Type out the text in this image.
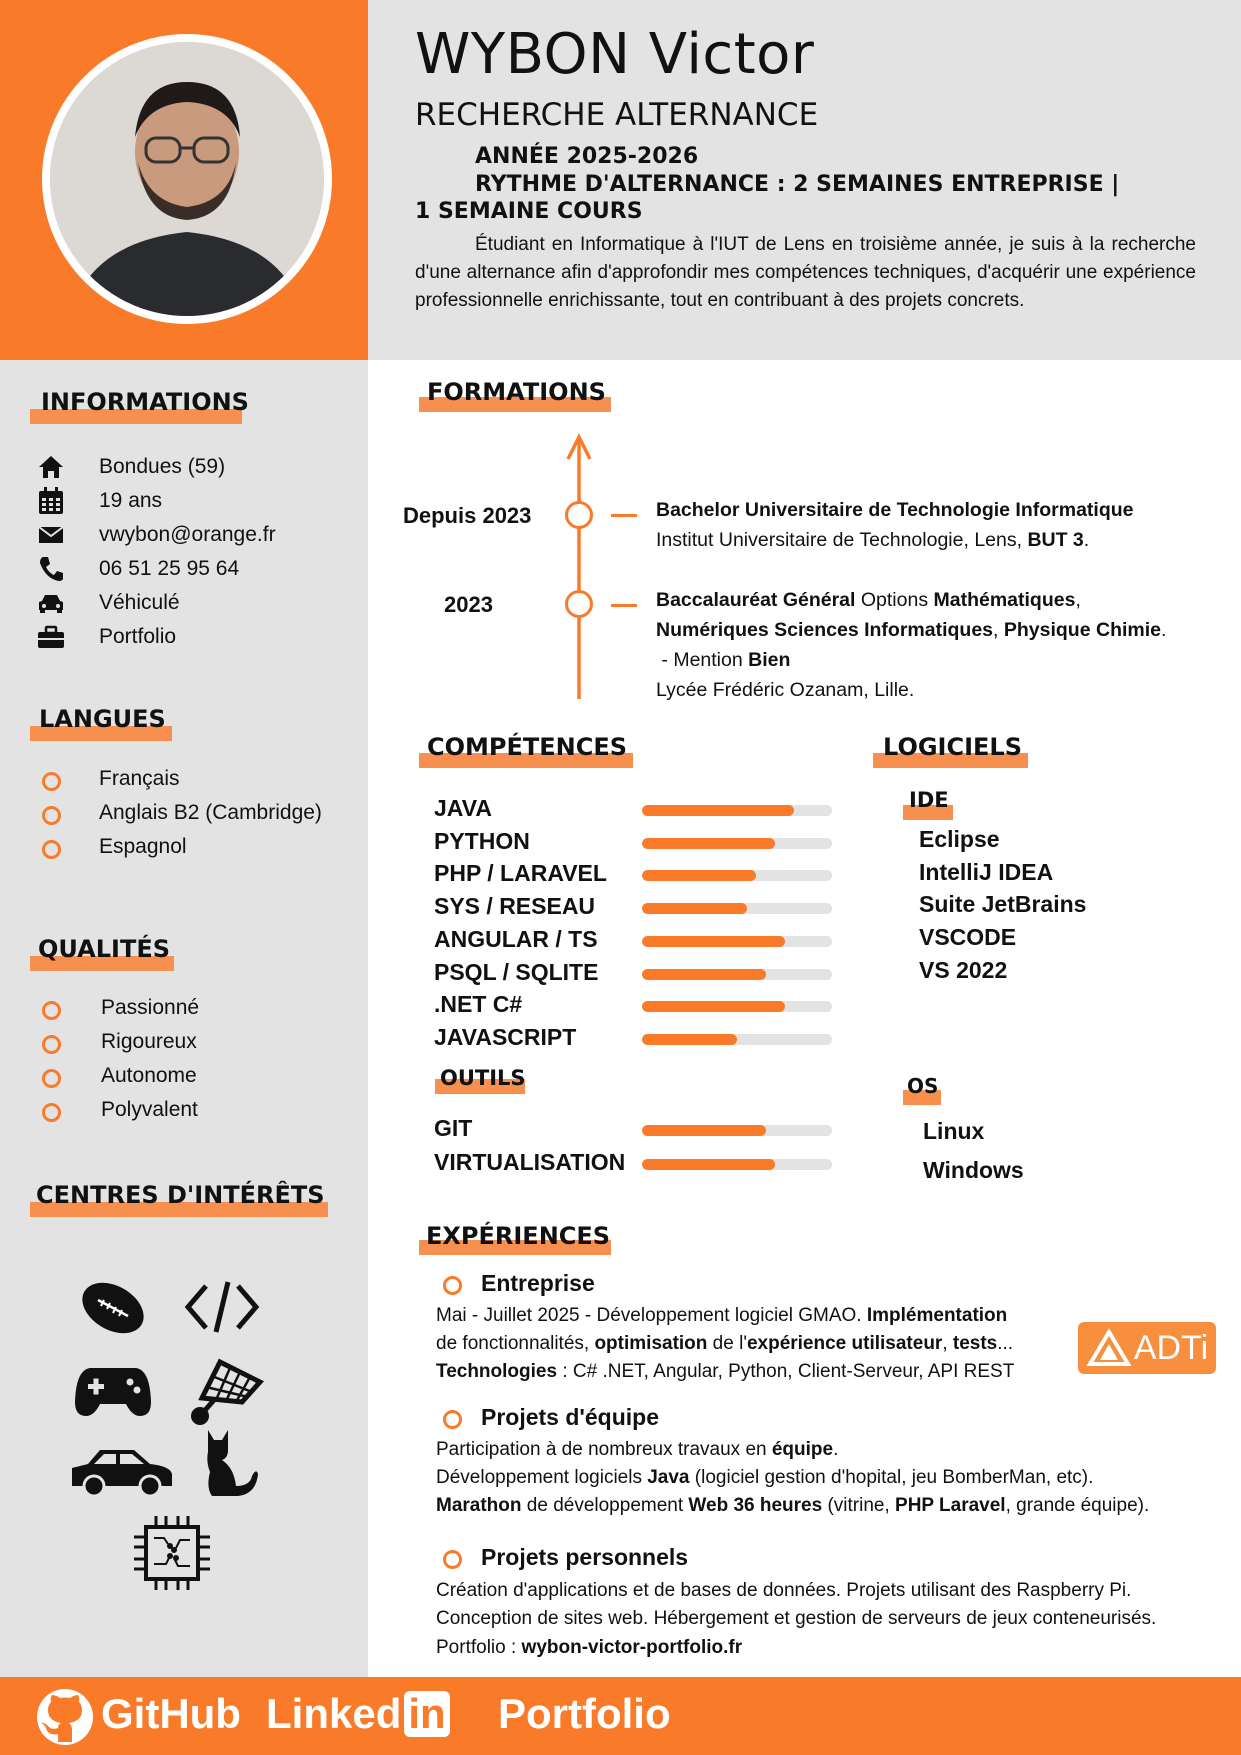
WYBON Victor
RECHERCHE ALTERNANCE
ANNÉE 2025-2026
RYTHME D'ALTERNANCE : 2 SEMAINES ENTREPRISE | 1 SEMAINE COURS
Étudiant en Informatique à l'IUT de Lens en troisième année, je suis à la recherche d'une alternance afin d'approfondir mes compétences techniques, d'acquérir une expérience professionnelle enrichissante, tout en contribuant à des projets concrets.
INFORMATIONS
Bondues (59)
19 ans
vwybon@orange.fr
06 51 25 95 64
Véhiculé
Portfolio
LANGUES
Français
Anglais B2 (Cambridge)
Espagnol
QUALITÉS
Passionné
Rigoureux
Autonome
Polyvalent
CENTRES D'INTÉRÊTS
FORMATIONS
Depuis 2023	Bachelor Universitaire de Technologie Informatique
Institut Universitaire de Technologie, Lens, BUT 3.
2023	Baccalauréat Général Options Mathématiques,
Numériques Sciences Informatiques, Physique Chimie.
- Mention Bien
Lycée Frédéric Ozanam, Lille.
COMPÉTENCES
JAVA
PYTHON
PHP / LARAVEL
SYS / RESEAU
ANGULAR / TS
PSQL / SQLITE
.NET C#
JAVASCRIPT
OUTILS
GIT
VIRTUALISATION
LOGICIELS
IDE
Eclipse
IntelliJ IDEA
Suite JetBrains
VSCODE
VS 2022
OS
Linux
Windows
EXPÉRIENCES
Entreprise
Mai - Juillet 2025 - Développement logiciel GMAO. Implémentation
de fonctionnalités, optimisation de l'expérience utilisateur, tests...
Technologies : C# .NET, Angular, Python, Client-Serveur, API REST
ADTi
Projets d'équipe
Participation à de nombreux travaux en équipe.
Développement logiciels Java (logiciel gestion d'hopital, jeu BomberMan, etc).
Marathon de développement Web 36 heures (vitrine, PHP Laravel, grande équipe).
Projets personnels
Création d'applications et de bases de données. Projets utilisant des Raspberry Pi.
Conception de sites web. Hébergement et gestion de serveurs de jeux conteneurisés.
Portfolio : wybon-victor-portfolio.fr
GitHub Linked in Portfolio
